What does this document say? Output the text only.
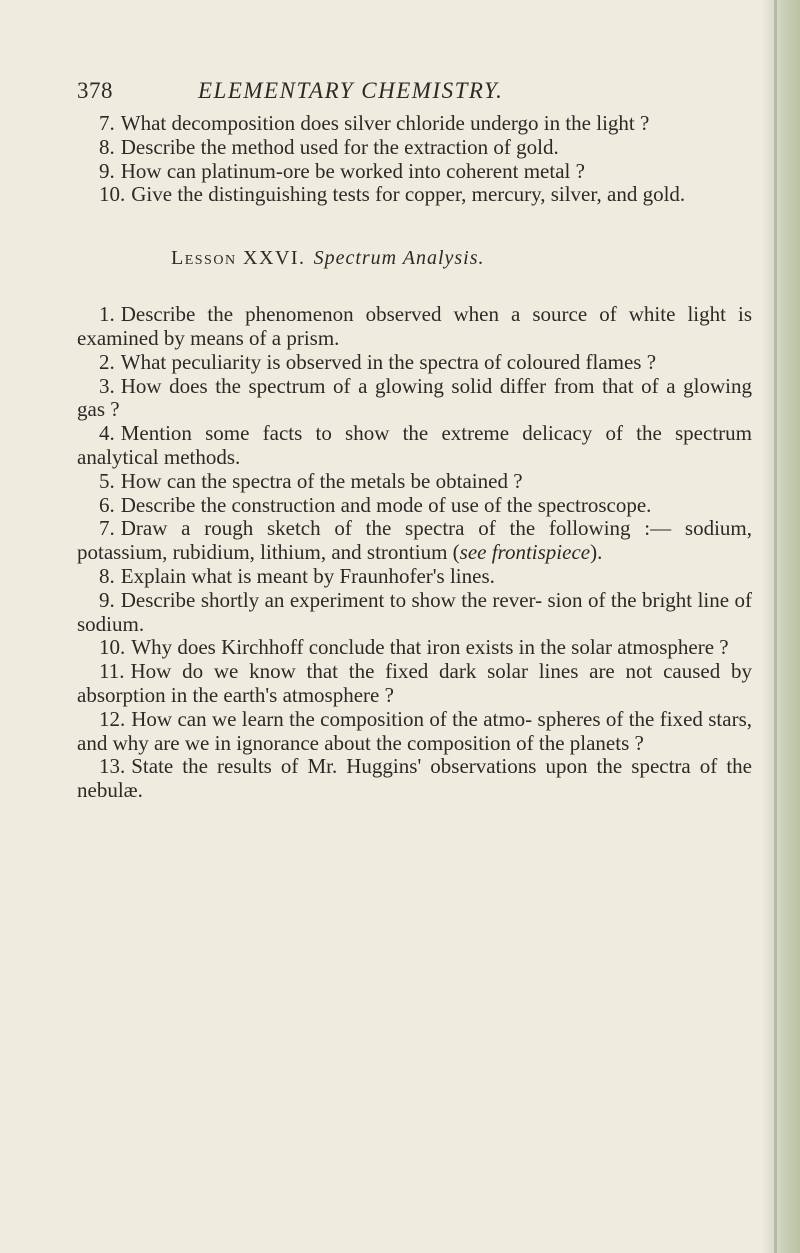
378	ELEMENTARY CHEMISTRY.

7. What decomposition does silver chloride undergo in the light ?

8. Describe the method used for the extraction of gold.

9. How can platinum-ore be worked into coherent metal ?

10. Give the distinguishing tests for copper, mercury, silver, and gold.

Lesson XXVI. Spectrum Analysis.

1. Describe the phenomenon observed when a source of white light is examined by means of a prism.

2. What peculiarity is observed in the spectra of coloured flames ?

3. How does the spectrum of a glowing solid differ from that of a glowing gas ?

4. Mention some facts to show the extreme delicacy of the spectrum analytical methods.

5. How can the spectra of the metals be obtained ?

6. Describe the construction and mode of use of the spectroscope.

7. Draw a rough sketch of the spectra of the following :— sodium, potassium, rubidium, lithium, and strontium (see frontispiece).

8. Explain what is meant by Fraunhofer's lines.

9. Describe shortly an experiment to show the rever- sion of the bright line of sodium.

10. Why does Kirchhoff conclude that iron exists in the solar atmosphere ?

11. How do we know that the fixed dark solar lines are not caused by absorption in the earth's atmosphere ?

12. How can we learn the composition of the atmo- spheres of the fixed stars, and why are we in ignorance about the composition of the planets ?

13. State the results of Mr. Huggins' observations upon the spectra of the nebulæ.
